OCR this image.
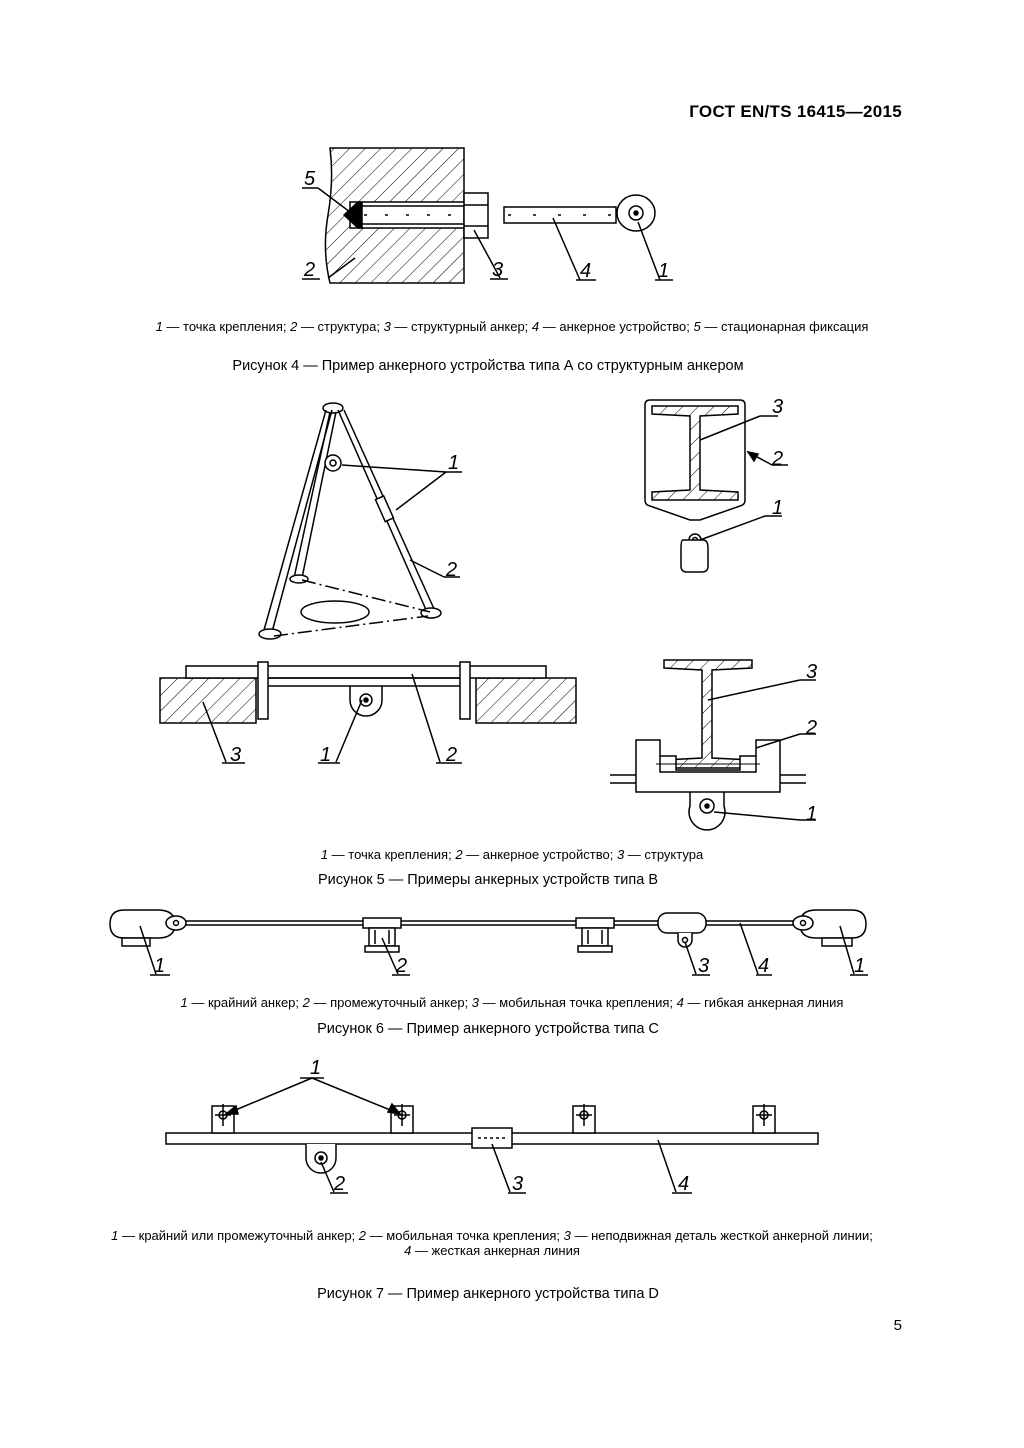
ГОСТ EN/TS 16415—2015
5
2	3	4	1
1
2
3
2
1
3	1	2
3
2
1
1	2	3 4	1
1
2	3	4
1 — точка крепления; 2 — структура; 3 — структурный анкер; 4 — анкерное устройство; 5 — стационарная фиксация
Рисунок 4 — Пример анкерного устройства типа А со структурным анкером
1 — точка крепления; 2 — анкерное устройство; 3 — структура
Рисунок 5 — Примеры анкерных устройств типа В
1 — крайний анкер; 2 — промежуточный анкер; 3 — мобильная точка крепления; 4 — гибкая анкерная линия
Рисунок 6 — Пример анкерного устройства типа С
1 — крайний или промежуточный анкер; 2 — мобильная точка крепления; 3 — неподвижная деталь жесткой анкерной линии;
4 — жесткая анкерная линия
Рисунок 7 — Пример анкерного устройства типа D
5
